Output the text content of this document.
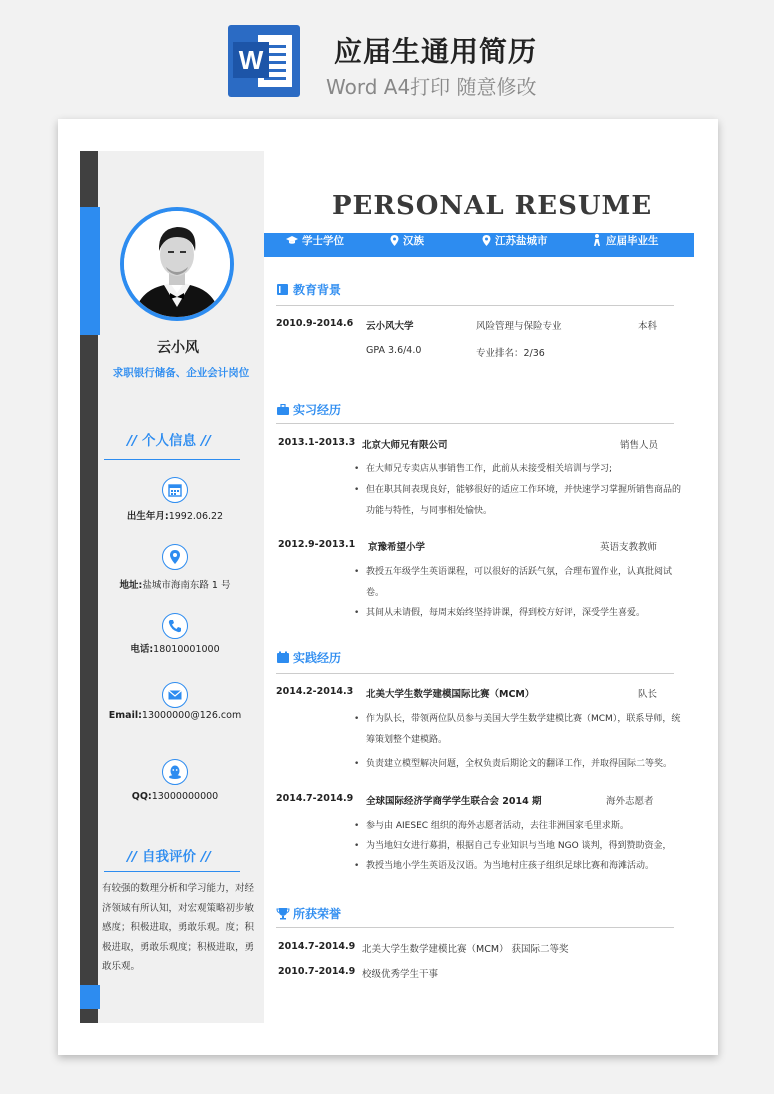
W	应届生通用简历
Word A4打印 随意修改
云小风
求职银行储备、企业会计岗位
// 个人信息 //
出生年月:1992.06.22
地址:盐城市海南东路 1 号
电话:18010001000
Email:13000000@126.com
QQ:13000000000
// 自我评价 //
有较强的数理分析和学习能力，对经济领域有所认知，对宏观策略初步敏感度；积极进取，勇敢乐观。度；积极进取，勇敢乐观度；积极进取，勇敢乐观。
PERSONAL RESUME
学士学位	汉族	江苏盐城市	应届毕业生
教育背景
2010.9-2014.6 云小风大学	风险管理与保险专业	本科
GPA 3.6/4.0	专业排名：2/36
实习经历
2013.1-2013.3 北京大师兄有限公司	销售人员
• 在大师兄专卖店从事销售工作，此前从未接受相关培训与学习;
• 但在职其间表现良好，能够很好的适应工作环境，并快速学习掌握所销售商品的功能与特性，与同事相处愉快。
2012.9-2013.1 京豫希望小学	英语支教教师
• 教授五年级学生英语课程，可以很好的活跃气氛，合理布置作业，认真批阅试卷。
• 其间从未请假，每周末始终坚持讲课，得到校方好评，深受学生喜爱。
实践经历
2014.2-2014.3 北美大学生数学建模国际比赛（MCM）	队长
• 作为队长，带领两位队员参与美国大学生数学建模比赛（MCM），联系导师，统筹策划整个建模路。
• 负责建立模型解决问题，全权负责后期论文的翻译工作，并取得国际二等奖。
2014.7-2014.9 全球国际经济学商学学生联合会 2014 期	海外志愿者
• 参与由 AIESEC 组织的海外志愿者活动，去往非洲国家毛里求斯。
• 为当地妇女进行募捐，根据自己专业知识与当地 NGO 谈判，得到赞助资金，
• 教授当地小学生英语及汉语。为当地村庄孩子组织足球比赛和海滩活动。
所获荣誉
2014.7-2014.9 北美大学生数学建模比赛（MCM） 获国际二等奖
2010.7-2014.9 校级优秀学生干事
